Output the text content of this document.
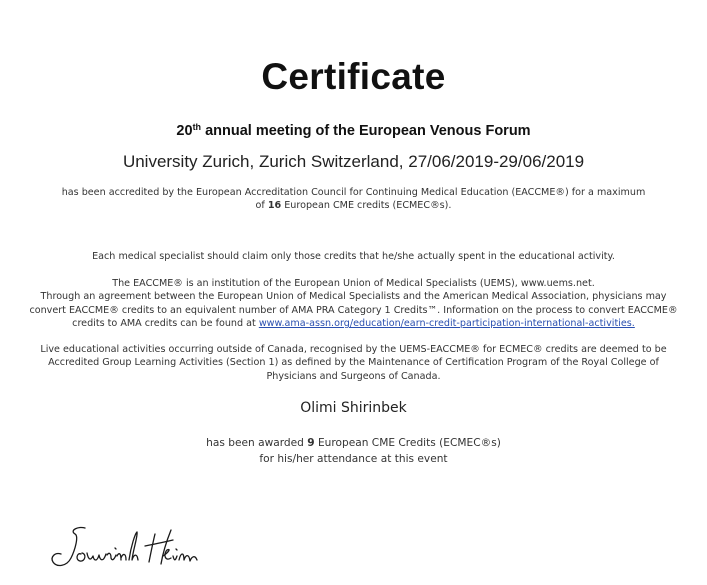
Certificate
20th annual meeting of the European Venous Forum
University Zurich, Zurich Switzerland, 27/06/2019-29/06/2019
has been accredited by the European Accreditation Council for Continuing Medical Education (EACCME®) for a maximum
of 16 European CME credits (ECMEC®s).
Each medical specialist should claim only those credits that he/she actually spent in the educational activity.
The EACCME® is an institution of the European Union of Medical Specialists (UEMS), www.uems.net.
Through an agreement between the European Union of Medical Specialists and the American Medical Association, physicians may
convert EACCME® credits to an equivalent number of AMA PRA Category 1 Credits™. Information on the process to convert EACCME®
credits to AMA credits can be found at www.ama-assn.org/education/earn-credit-participation-international-activities.
Live educational activities occurring outside of Canada, recognised by the UEMS-EACCME® for ECMEC® credits are deemed to be
Accredited Group Learning Activities (Section 1) as defined by the Maintenance of Certification Program of the Royal College of
Physicians and Surgeons of Canada.
Olimi Shirinbek
has been awarded 9 European CME Credits (ECMEC®s)
for his/her attendance at this event
